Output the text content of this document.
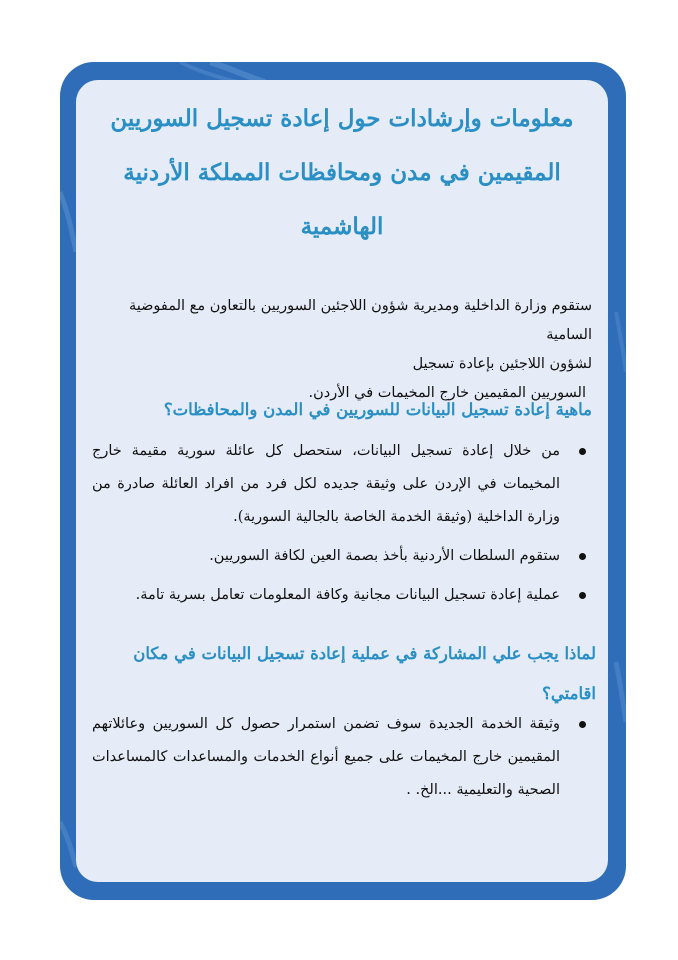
معلومات وإرشادات حول إعادة تسجيل السوريين المقيمين في مدن ومحافظات المملكة الأردنية الهاشمية

ستقوم وزارة الداخلية ومديرية شؤون اللاجئين السوريين بالتعاون مع المفوضية السامية
لشؤون اللاجئين بإعادة تسجيل
السوريين المقيمين خارج المخيمات في الأردن.

ماهية إعادة تسجيل البيانات للسوريين في المدن والمحافظات؟
من خلال إعادة تسجيل البيانات، ستحصل كل عائلة سورية مقيمة خارج المخيمات في الإردن على وثيقة جديده لكل فرد من افراد العائلة صادرة من وزارة الداخلية (وثيقة الخدمة الخاصة بالجالية السورية).
ستقوم السلطات الأردنية بأخذ بصمة العين لكافة السوريين.
عملية إعادة تسجيل البيانات مجانية وكافة المعلومات تعامل بسرية تامة.
لماذا يجب علي المشاركة في عملية إعادة تسجيل البيانات في مكان اقامتي؟
وثيقة الخدمة الجديدة سوف تضمن استمرار حصول كل السوريين وعائلاتهم المقيمين خارج المخيمات على جميع أنواع الخدمات والمساعدات كالمساعدات الصحية والتعليمية ...الخ. .
